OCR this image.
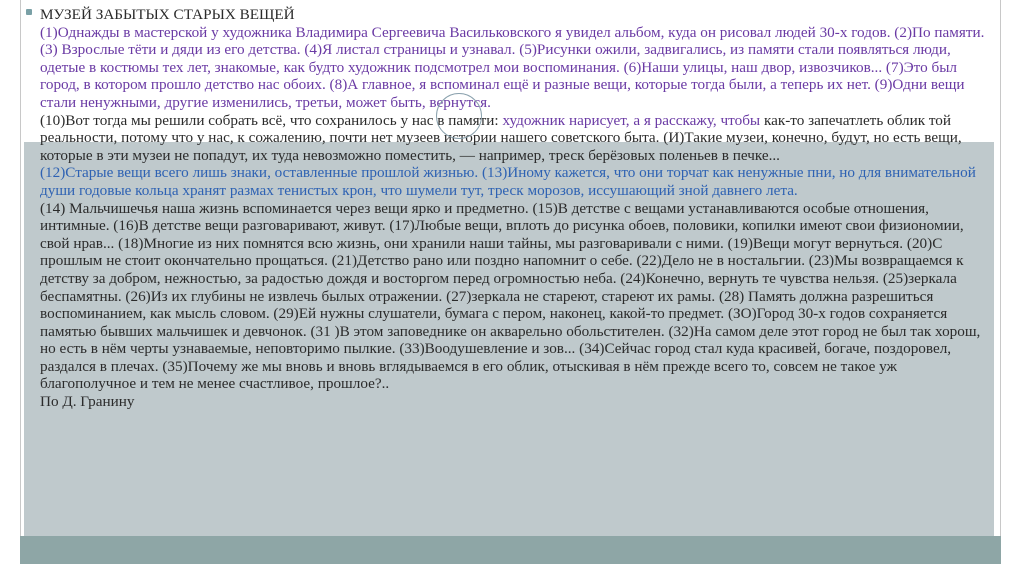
МУЗЕЙ ЗАБЫТЫХ СТАРЫХ ВЕЩЕЙ

(1)Однажды в мастерской у художника Владимира Сергеевича Васильковского я увидел альбом, куда он рисовал людей 30-х годов. (2)По памяти. (3) Взрослые тёти и дяди из его детства. (4)Я листал страницы и узнавал. (5)Рисунки ожили, задвигались, из памяти стали появляться люди, одетые в костюмы тех лет, знакомые, как будто художник подсмотрел мои воспоминания. (6)Наши улицы, наш двор, извозчиков... (7)Это был город, в котором прошло детство нас обоих. (8)А главное, я вспоминал ещё и разные вещи, которые тогда были, а теперь их нет. (9)Одни вещи стали ненужными, другие изменились, третьи, может быть, вернутся.

(10)Вот тогда мы решили собрать всё, что сохранилось у нас в памяти: художник нарисует, а я расскажу, чтобы как-то запечатлеть облик той реальности, потому что у нас, к сожалению, почти нет музеев истории нашего советского быта. (И)Такие музеи, конечно, будут, но есть вещи, которые в эти музеи не попадут, их туда невозможно поместить, — например, треск берёзовых поленьев в печке...

(12)Старые вещи всего лишь знаки, оставленные прошлой жизнью. (13)Иному кажется, что они торчат как ненужные пни, но для внимательной души годовые кольца хранят размах тенистых крон, что шумели тут, треск морозов, иссушающий зной давнего лета.

(14) Мальчишечья наша жизнь вспоминается через вещи ярко и предметно. (15)В детстве с вещами устанавливаются особые отношения, интимные. (16)В детстве вещи разговаривают, живут. (17)Любые вещи, вплоть до рисунка обоев, половики, копилки имеют свои физиономии, свой нрав... (18)Многие из них помнятся всю жизнь, они хранили наши тайны, мы разговаривали с ними. (19)Вещи могут вернуться. (20)С прошлым не стоит окончательно прощаться. (21)Детство рано или поздно напомнит о себе. (22)Дело не в ностальгии. (23)Мы возвращаемся к детству за добром, нежностью, за радостью дождя и восторгом перед огромностью неба. (24)Конечно, вернуть те чувства нельзя. (25)зеркала беспамятны. (26)Из их глубины не извлечь былых отражении. (27)зеркала не стареют, стареют их рамы. (28) Память должна разрешиться воспоминанием, как мысль словом. (29)Ей нужны слушатели, бумага с пером, наконец, какой-то предмет. (ЗО)Город 30-х годов сохраняется памятью бывших мальчишек и девчонок. (31 )В этом заповеднике он акварельно обольстителен. (32)На самом деле этот город не был так хорош, но есть в нём черты узнаваемые, неповторимо пылкие. (33)Воодушевление и зов... (34)Сейчас город стал куда красивей, богаче, поздоровел, раздался в плечах. (35)Почему же мы вновь и вновь вглядываемся в его облик, отыскивая в нём прежде всего то, совсем не такое уж благополучное и тем не менее счастливое, прошлое?..

По Д. Гранину
